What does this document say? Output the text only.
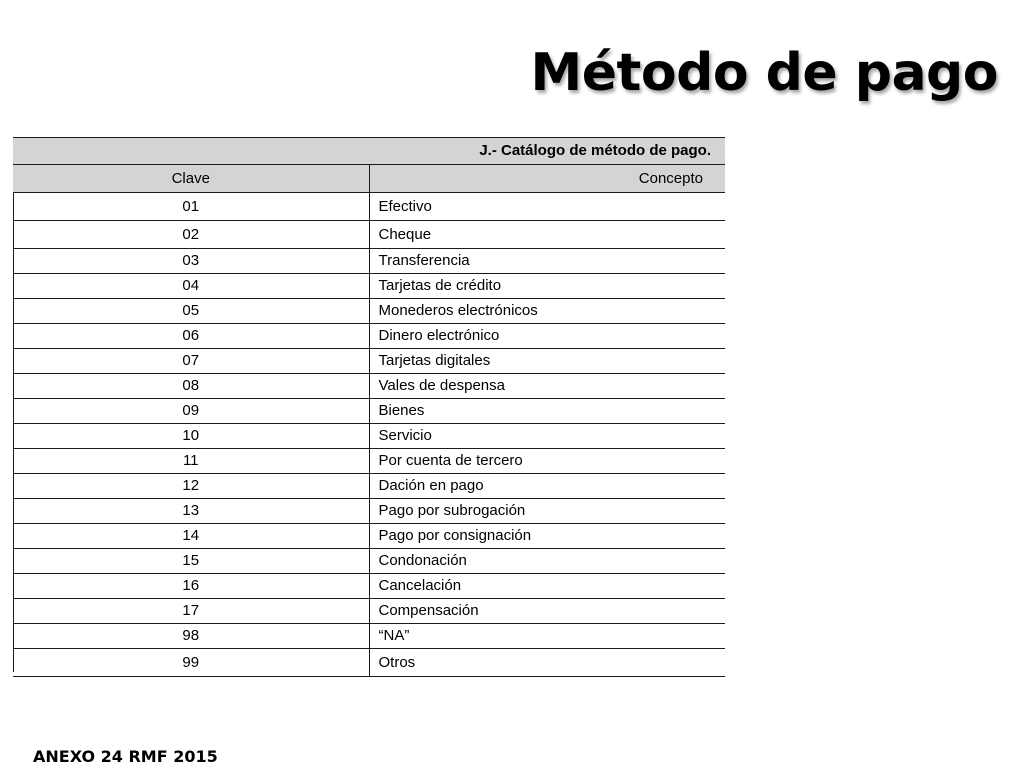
Método de pago
J.- Catálogo de método de pago.	
Clave	Concepto
01	Efectivo
02	Cheque
03	Transferencia
04	Tarjetas de crédito
05	Monederos electrónicos
06	Dinero electrónico
07	Tarjetas digitales
08	Vales de despensa
09	Bienes
10	Servicio
11	Por cuenta de tercero
12	Dación en pago
13	Pago por subrogación
14	Pago por consignación
15	Condonación
16	Cancelación
17	Compensación
98	“NA”
99	Otros

ANEXO 24 RMF 2015
